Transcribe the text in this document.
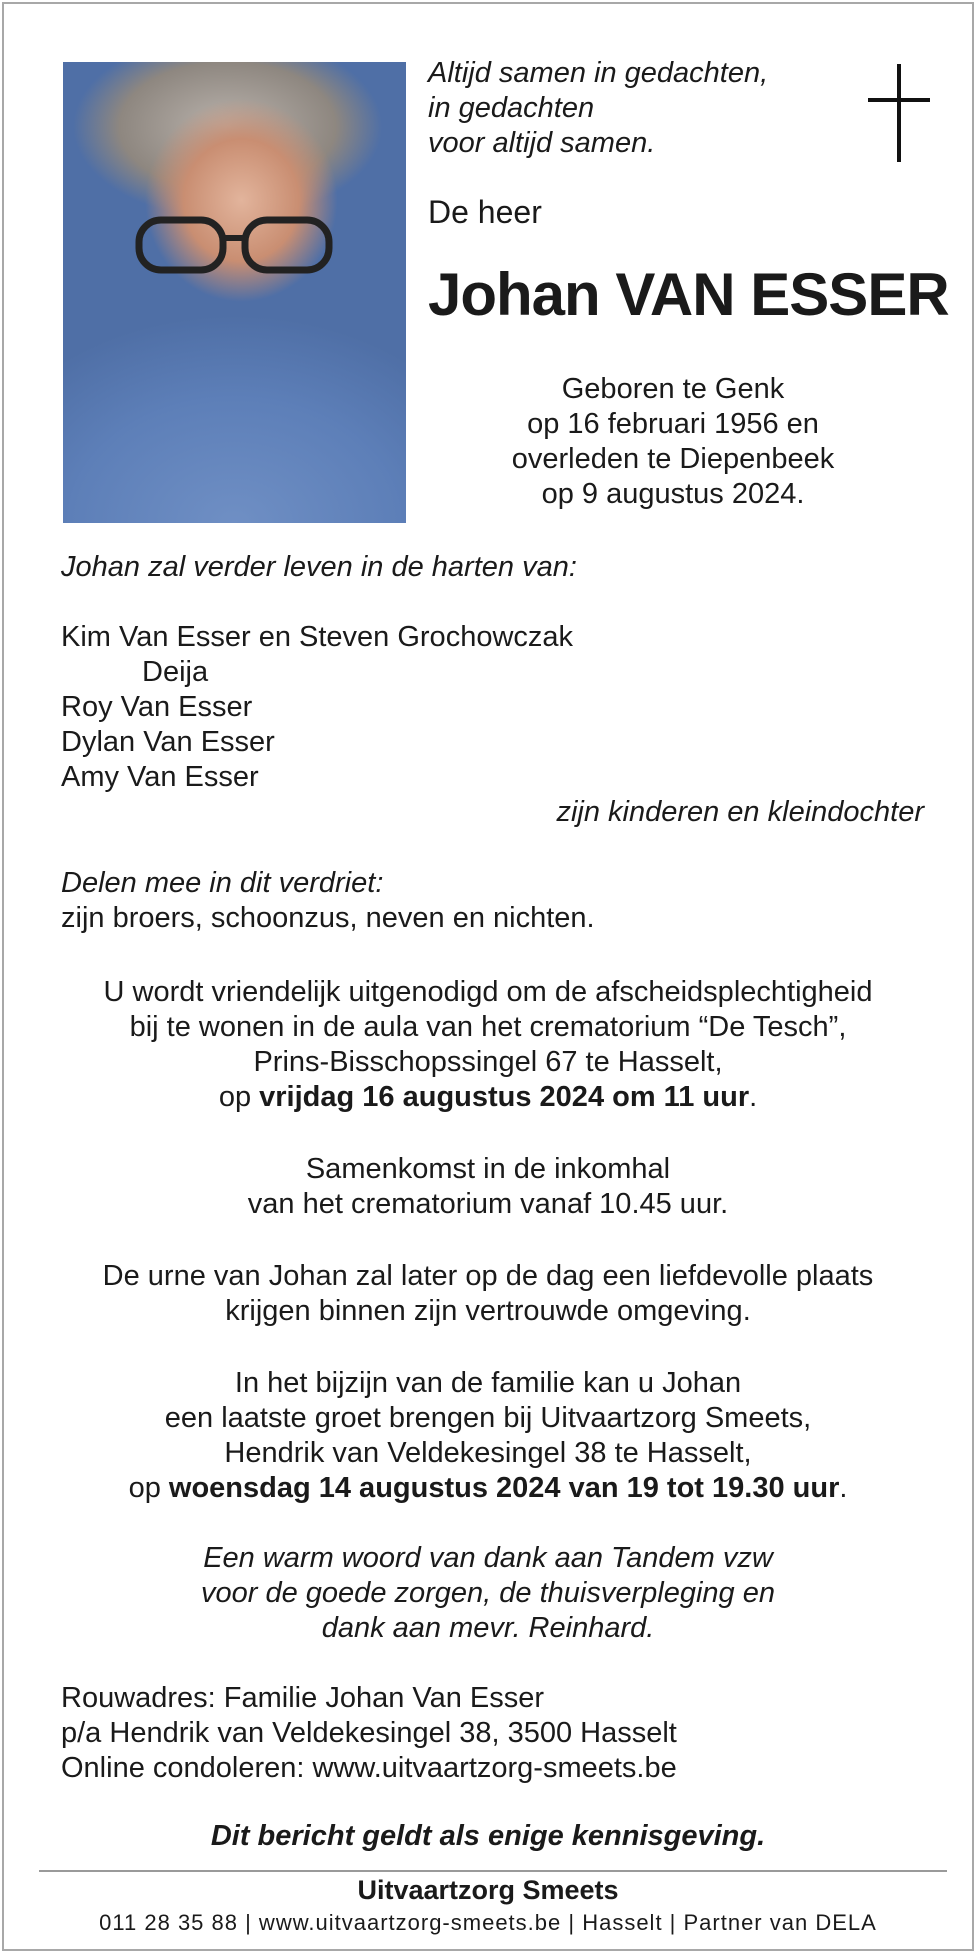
Altijd samen in gedachten,
in gedachten
voor altijd samen.
De heer
Johan VAN ESSER
Geboren te Genk
op 16 februari 1956 en
overleden te Diepenbeek
op 9 augustus 2024.
Johan zal verder leven in de harten van:
Kim Van Esser en Steven Grochowczak
Deija
Roy Van Esser
Dylan Van Esser
Amy Van Esser
zijn kinderen en kleindochter
Delen mee in dit verdriet:
zijn broers, schoonzus, neven en nichten.
U wordt vriendelijk uitgenodigd om de afscheidsplechtigheid
bij te wonen in de aula van het crematorium “De Tesch”,
Prins-Bisschopssingel 67 te Hasselt,
op vrijdag 16 augustus 2024 om 11 uur.
Samenkomst in de inkomhal
van het crematorium vanaf 10.45 uur.
De urne van Johan zal later op de dag een liefdevolle plaats
krijgen binnen zijn vertrouwde omgeving.
In het bijzijn van de familie kan u Johan
een laatste groet brengen bij Uitvaartzorg Smeets,
Hendrik van Veldekesingel 38 te Hasselt,
op woensdag 14 augustus 2024 van 19 tot 19.30 uur.
Een warm woord van dank aan Tandem vzw
voor de goede zorgen, de thuisverpleging en
dank aan mevr. Reinhard.
Rouwadres: Familie Johan Van Esser
p/a Hendrik van Veldekesingel 38, 3500 Hasselt
Online condoleren: www.uitvaartzorg-smeets.be
Dit bericht geldt als enige kennisgeving.
Uitvaartzorg Smeets
011 28 35 88 | www.uitvaartzorg-smeets.be | Hasselt | Partner van DELA
